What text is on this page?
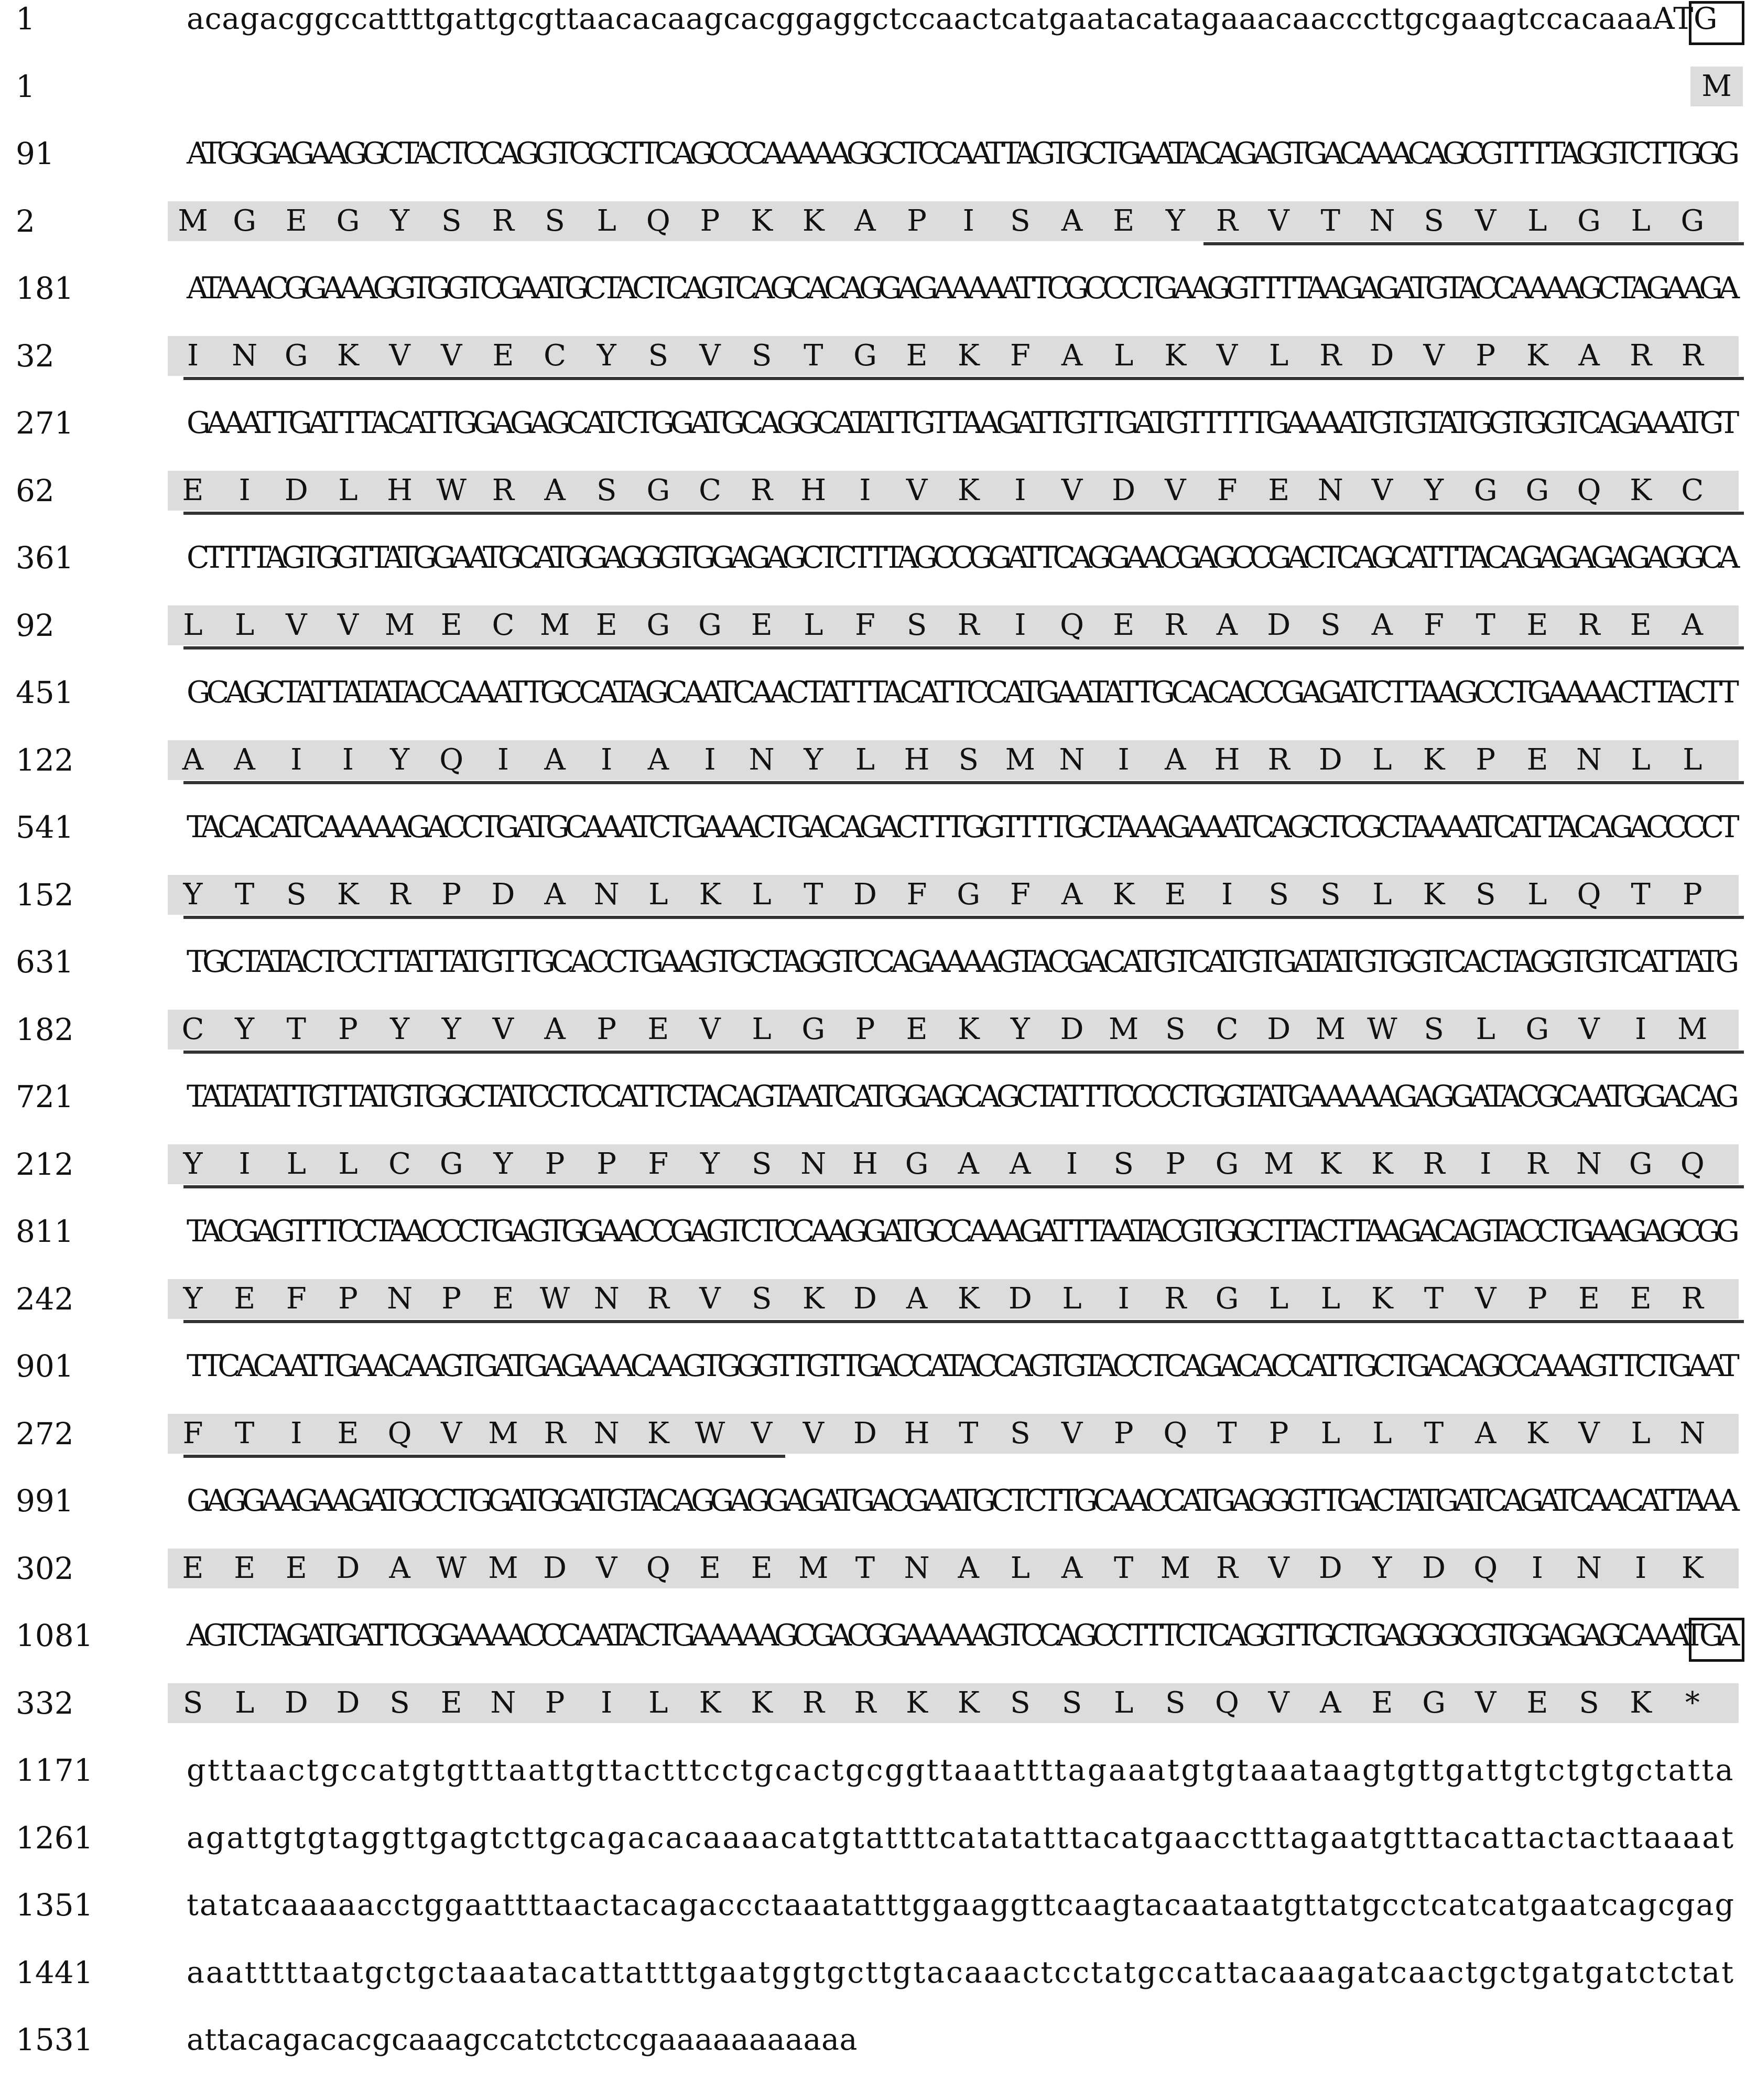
1	acagacggccattttgattgcgttaacacaagcacggaggctccaactcatgaatacatagaaacaacccttgcgaagtccacaaaATG
1	M
91	ATGGGAGAAGGCTACTCCAGGTCGCTTCAGCCCAAAAAGGCTCCAATTAGTGCTGAATACAGAGTGACAAACAGCGTTTTAGGTCTTGGG
2	M G E G Y S R S L Q P K K A P	I	S A E Y R V T N S V L G L G
181	ATAAACGGAAAGGTGGTCGAATGCTACTCAGTCAGCACAGGAGAAAAATTCGCCCTGAAGGTTTTAAGAGATGTACCAAAAGCTAGAAGA
32	I	N G K V V E C Y S V S T G E K F A L K V L R D V P K A R R
271	GAAATTGATTTACATTGGAGAGCATCTGGATGCAGGCATATTGTTAAGATTGTTGATGTTTTTGAAAATGTGTATGGTGGTCAGAAATGT
62	E	I	D L H W R A S G C R H	I	V K	I	V D V F E N V Y G G Q K C
361	CTTTTAGTGGTTATGGAATGCATGGAGGGTGGAGAGCTCTTTAGCCGGATTCAGGAACGAGCCGACTCAGCATTTACAGAGAGAGAGGCA
92	L L V V M E C M E G G E L F S R	I	Q E R A D S A F T E R E A
451	GCAGCTATTATATACCAAATTGCCATAGCAATCAACTATTTACATTCCATGAATATTGCACACCGAGATCTTAAGCCTGAAAACTTACTT
122	A A	I	I	Y Q	I	A	I	A	I	N Y L H S M N	I	A H R D L K P E N L L
541	TACACATCAAAAAGACCTGATGCAAATCTGAAACTGACAGACTTTGGTTTTGCTAAAGAAATCAGCTCGCTAAAATCATTACAGACCCCT
152	Y T S K R P D A N L K L T D F G F A K E	I	S S L K S L Q T P
631	TGCTATACTCCTTATTATGTTGCACCTGAAGTGCTAGGTCCAGAAAAGTACGACATGTCATGTGATATGTGGTCACTAGGTGTCATTATG
182	C Y T P Y Y V A P E V L G P E K Y D M S C D M W S L G V	I	M
721	TATATATTGTTATGTGGCTATCCTCCATTCTACAGTAATCATGGAGCAGCTATTTCCCCTGGTATGAAAAAGAGGATACGCAATGGACAG
212	Y	I	L L C G Y P P F Y S N H G A A	I	S P G M K K R	I	R N G Q
811	TACGAGTTTCCTAACCCTGAGTGGAACCGAGTCTCCAAGGATGCCAAAGATTTAATACGTGGCTTACTTAAGACAGTACCTGAAGAGCGG
242	Y E F P N P E W N R V S K D A K D L	I	R G L L K T V P E E R
901	TTCACAATTGAACAAGTGATGAGAAACAAGTGGGTTGTTGACCATACCAGTGTACCTCAGACACCATTGCTGACAGCCAAAGTTCTGAAT
272	F T	I	E Q V M R N K W V V D H T S V P Q T P L L T A K V L N
991	GAGGAAGAAGATGCCTGGATGGATGTACAGGAGGAGATGACGAATGCTCTTGCAACCATGAGGGTTGACTATGATCAGATCAACATTAAA
302	E E E D A W M D V Q E E M T N A L A T M R V D Y D Q	I	N	I	K
1081	AGTCTAGATGATTCGGAAAACCCAATACTGAAAAAGCGACGGAAAAAGTCCAGCCTTTCTCAGGTTGCTGAGGGCGTGGAGAGCAAATGA
332	S L D D S E N P	I	L K K R R K K S S L S Q V A E G V E S K	*
1171	gtttaactgccatgtgtttaattgttactttcctgcactgcggttaaattttagaaatgtgtaaataagtgttgattgtctgtgctatta
1261	agattgtgtaggttgagtcttgcagacacaaaacatgtattttcatatatttacatgaacctttagaatgtttacattactacttaaaat
1351	tatatcaaaaacctggaattttaactacagaccctaaatatttggaaggttcaagtacaataatgttatgcctcatcatgaatcagcgag
1441	aaatttttaatgctgctaaatacattattttgaatggtgcttgtacaaactcctatgccattacaaagatcaactgctgatgatctctat
1531	attacagacacgcaaagccatctctccgaaaaaaaaaaa
